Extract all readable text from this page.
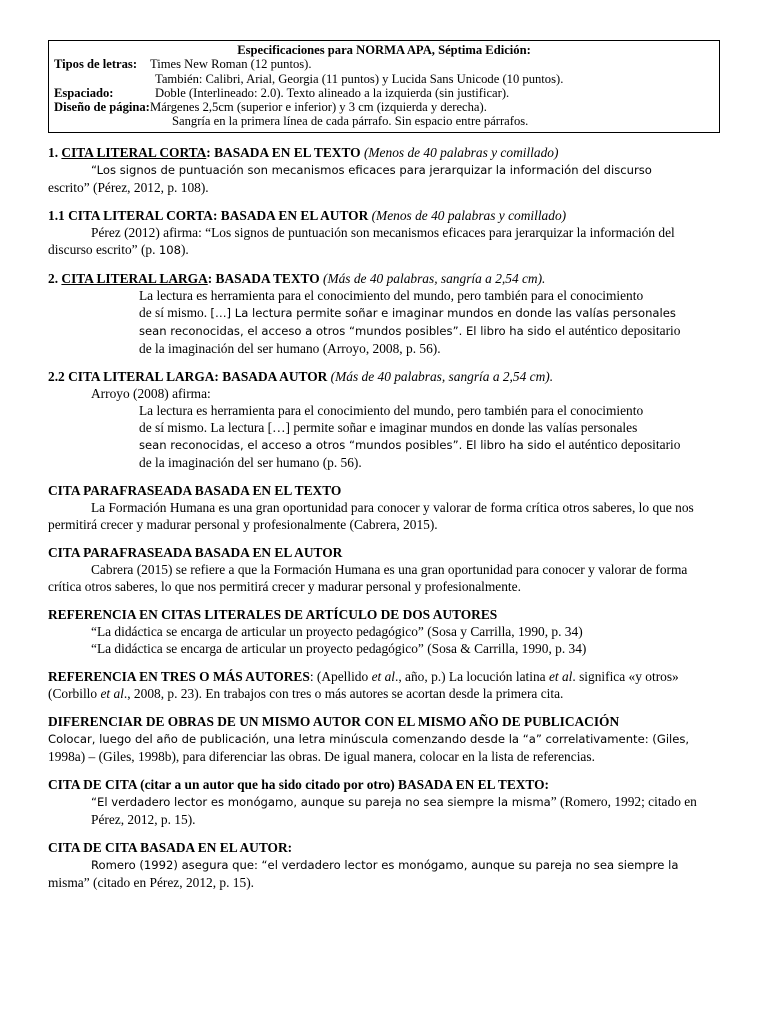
Especificaciones para NORMA APA, Séptima Edición:
Tipos de letras:	Times New Roman (12 puntos).
También: Calibri, Arial, Georgia (11 puntos) y Lucida Sans Unicode (10 puntos).
Espaciado:	Doble (Interlineado: 2.0). Texto alineado a la izquierda (sin justificar).
Diseño de página: Márgenes 2,5cm (superior e inferior) y 3 cm (izquierda y derecha).
Sangría en la primera línea de cada párrafo. Sin espacio entre párrafos.

1. CITA LITERAL CORTA: BASADA EN EL TEXTO (Menos de 40 palabras y comillado)

“Los signos de puntuación son mecanismos eficaces para jerarquizar la información del discurso

escrito” (Pérez, 2012, p. 108).

1.1 CITA LITERAL CORTA: BASADA EN EL AUTOR (Menos de 40 palabras y comillado)

Pérez (2012) afirma: “Los signos de puntuación son mecanismos eficaces para jerarquizar la información del discurso escrito” (p. 108).

2. CITA LITERAL LARGA: BASADA TEXTO (Más de 40 palabras, sangría a 2,54 cm).

La lectura es herramienta para el conocimiento del mundo, pero también para el conocimiento

de sí mismo. […] La lectura permite soñar e imaginar mundos en donde las valías personales

sean reconocidas, el acceso a otros “mundos posibles”. El libro ha sido el auténtico depositario

de la imaginación del ser humano (Arroyo, 2008, p. 56).

2.2 CITA LITERAL LARGA: BASADA AUTOR (Más de 40 palabras, sangría a 2,54 cm).

Arroyo (2008) afirma:

La lectura es herramienta para el conocimiento del mundo, pero también para el conocimiento

de sí mismo. La lectura […] permite soñar e imaginar mundos en donde las valías personales

sean reconocidas, el acceso a otros “mundos posibles”. El libro ha sido el auténtico depositario

de la imaginación del ser humano (p. 56).

CITA PARAFRASEADA BASADA EN EL TEXTO

La Formación Humana es una gran oportunidad para conocer y valorar de forma crítica otros saberes, lo que nos permitirá crecer y madurar personal y profesionalmente (Cabrera, 2015).

CITA PARAFRASEADA BASADA EN EL AUTOR

Cabrera (2015) se refiere a que la Formación Humana es una gran oportunidad para conocer y valorar de forma crítica otros saberes, lo que nos permitirá crecer y madurar personal y profesionalmente.

REFERENCIA EN CITAS LITERALES DE ARTÍCULO DE DOS AUTORES

“La didáctica se encarga de articular un proyecto pedagógico” (Sosa y Carrilla, 1990, p. 34)

“La didáctica se encarga de articular un proyecto pedagógico” (Sosa & Carrilla, 1990, p. 34)

REFERENCIA EN TRES O MÁS AUTORES: (Apellido et al., año, p.) La locución latina et al. significa «y otros» (Corbillo et al., 2008, p. 23). En trabajos con tres o más autores se acortan desde la primera cita.

DIFERENCIAR DE OBRAS DE UN MISMO AUTOR CON EL MISMO AÑO DE PUBLICACIÓN

Colocar, luego del año de publicación, una letra minúscula comenzando desde la “a” correlativamente: (Giles,

1998a) – (Giles, 1998b), para diferenciar las obras. De igual manera, colocar en la lista de referencias.

CITA DE CITA (citar a un autor que ha sido citado por otro) BASADA EN EL TEXTO:

“El verdadero lector es monógamo, aunque su pareja no sea siempre la misma” (Romero, 1992; citado en Pérez, 2012, p. 15).

CITA DE CITA BASADA EN EL AUTOR:

Romero (1992) asegura que: “el verdadero lector es monógamo, aunque su pareja no sea siempre la

misma” (citado en Pérez, 2012, p. 15).
